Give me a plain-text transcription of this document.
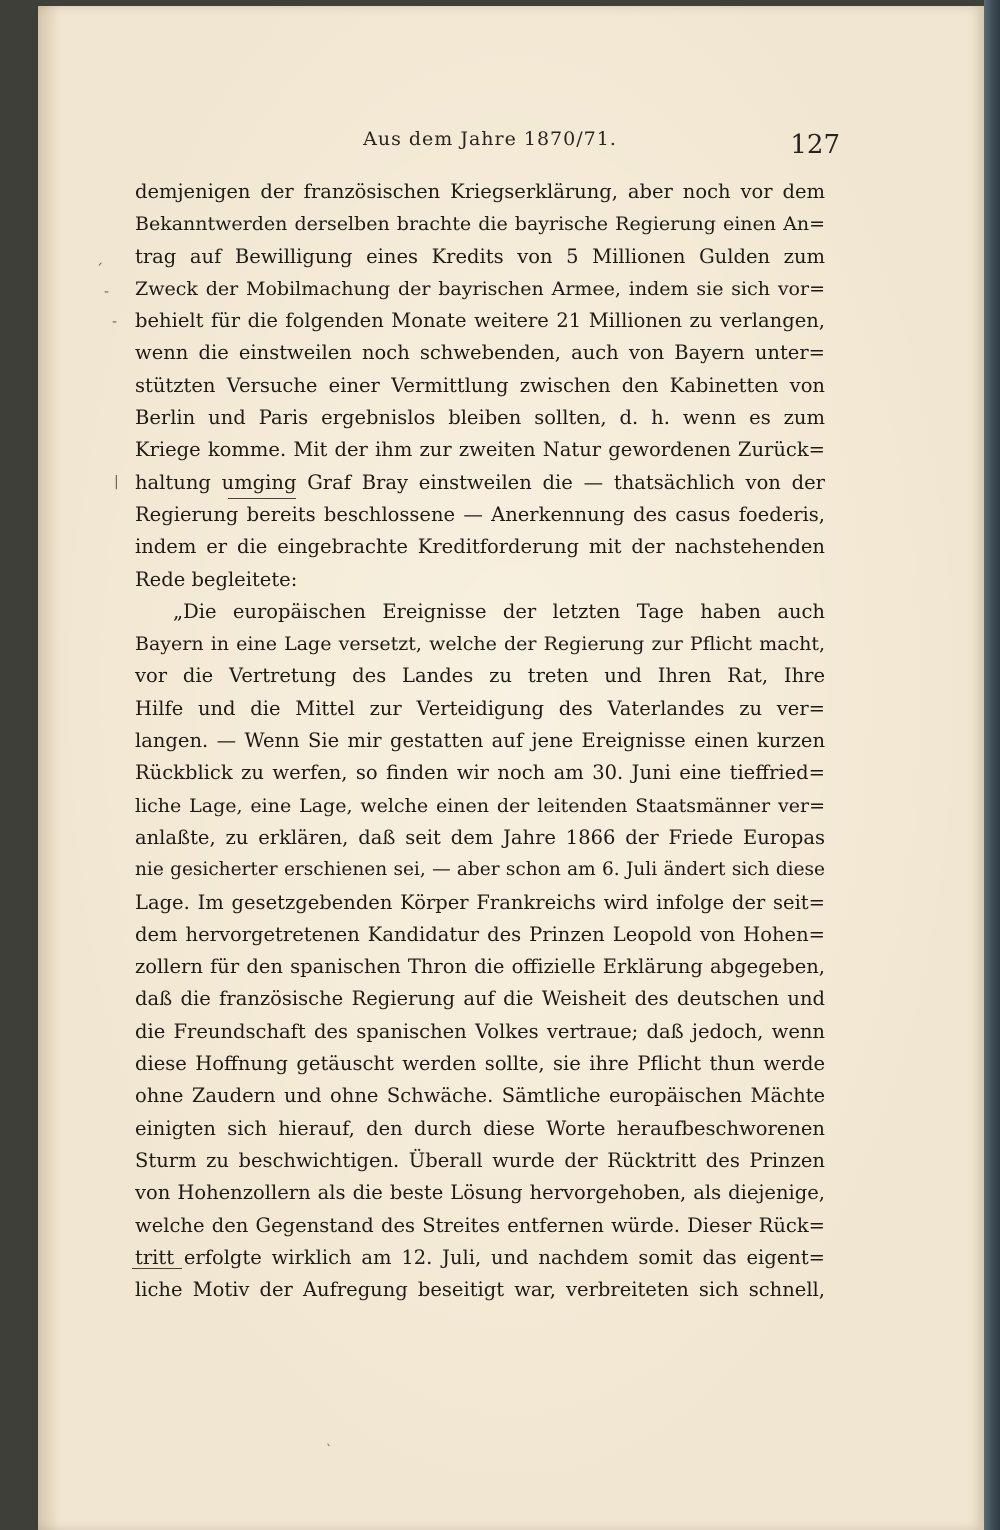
Aus dem Jahre 1870/71.	127
ˏ
-
-
|
demjenigen der französischen Kriegserklärung, aber noch vor dem
Bekanntwerden derselben brachte die bayrische Regierung einen An=
trag auf Bewilligung eines Kredits von 5 Millionen Gulden zum
Zweck der Mobilmachung der bayrischen Armee, indem sie sich vor=
behielt für die folgenden Monate weitere 21 Millionen zu verlangen,
wenn die einstweilen noch schwebenden, auch von Bayern unter=
stützten Versuche einer Vermittlung zwischen den Kabinetten von
Berlin und Paris ergebnislos bleiben sollten, d. h. wenn es zum
Kriege komme. Mit der ihm zur zweiten Natur gewordenen Zurück=
haltung umging Graf Bray einstweilen die — thatsächlich von der
Regierung bereits beschlossene — Anerkennung des casus foederis,
indem er die eingebrachte Kreditforderung mit der nachstehenden
Rede begleitete:
„Die europäischen Ereignisse der letzten Tage haben auch
Bayern in eine Lage versetzt, welche der Regierung zur Pflicht macht,
vor die Vertretung des Landes zu treten und Ihren Rat, Ihre
Hilfe und die Mittel zur Verteidigung des Vaterlandes zu ver=
langen. — Wenn Sie mir gestatten auf jene Ereignisse einen kurzen
Rückblick zu werfen, so finden wir noch am 30. Juni eine tieffried=
liche Lage, eine Lage, welche einen der leitenden Staatsmänner ver=
anlaßte, zu erklären, daß seit dem Jahre 1866 der Friede Europas
nie gesicherter erschienen sei, — aber schon am 6. Juli ändert sich diese
Lage. Im gesetzgebenden Körper Frankreichs wird infolge der seit=
dem hervorgetretenen Kandidatur des Prinzen Leopold von Hohen=
zollern für den spanischen Thron die offizielle Erklärung abgegeben,
daß die französische Regierung auf die Weisheit des deutschen und
die Freundschaft des spanischen Volkes vertraue; daß jedoch, wenn
diese Hoffnung getäuscht werden sollte, sie ihre Pflicht thun werde
ohne Zaudern und ohne Schwäche. Sämtliche europäischen Mächte
einigten sich hierauf, den durch diese Worte heraufbeschworenen
Sturm zu beschwichtigen. Überall wurde der Rücktritt des Prinzen
von Hohenzollern als die beste Lösung hervorgehoben, als diejenige,
welche den Gegenstand des Streites entfernen würde. Dieser Rück=
tritt erfolgte wirklich am 12. Juli, und nachdem somit das eigent=
liche Motiv der Aufregung beseitigt war, verbreiteten sich schnell,
ˎ
